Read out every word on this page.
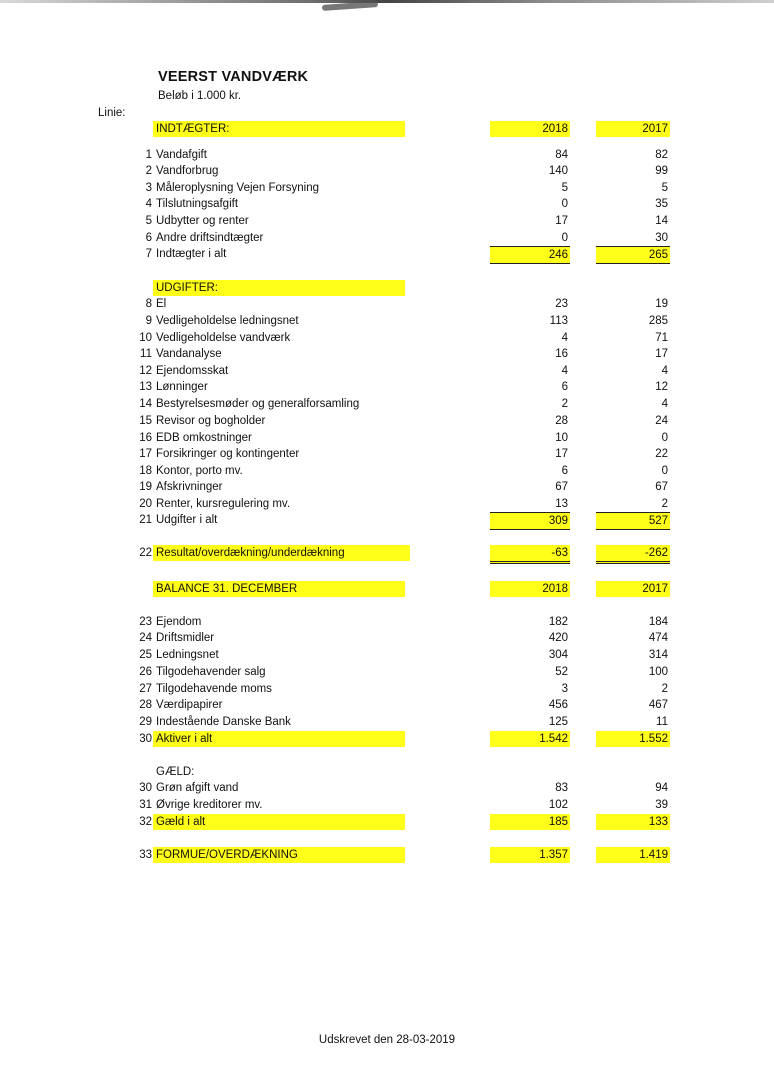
VEERST VANDVÆRK
Beløb i 1.000 kr.
Linie:
INDTÆGTER:	2018	2017
1 Vandafgift	84	82
2 Vandforbrug	140	99
3 Måleroplysning Vejen Forsyning	5	5
4 Tilslutningsafgift	0	35
5 Udbytter og renter	17	14
6 Andre driftsindtægter	0	30
7 Indtægter i alt	246	265
UDGIFTER:
8 El	23	19
9 Vedligeholdelse ledningsnet	113	285
10 Vedligeholdelse vandværk	4	71
11 Vandanalyse	16	17
12 Ejendomsskat	4	4
13 Lønninger	6	12
14 Bestyrelsesmøder og generalforsamling	2	4
15 Revisor og bogholder	28	24
16 EDB omkostninger	10	0
17 Forsikringer og kontingenter	17	22
18 Kontor, porto mv.	6	0
19 Afskrivninger	67	67
20 Renter, kursregulering mv.	13	2
21 Udgifter i alt	309	527
22 Resultat/overdækning/underdækning	-63	-262
BALANCE 31. DECEMBER	2018	2017
23 Ejendom	182	184
24 Driftsmidler	420	474
25 Ledningsnet	304	314
26 Tilgodehavender salg	52	100
27 Tilgodehavende moms	3	2
28 Værdipapirer	456	467
29 Indestående Danske Bank	125	11
30 Aktiver i alt	1.542	1.552
GÆLD:
30 Grøn afgift vand	83	94
31 Øvrige kreditorer mv.	102	39
32 Gæld i alt	185	133
33 FORMUE/OVERDÆKNING	1.357	1.419
Udskrevet den 28-03-2019
